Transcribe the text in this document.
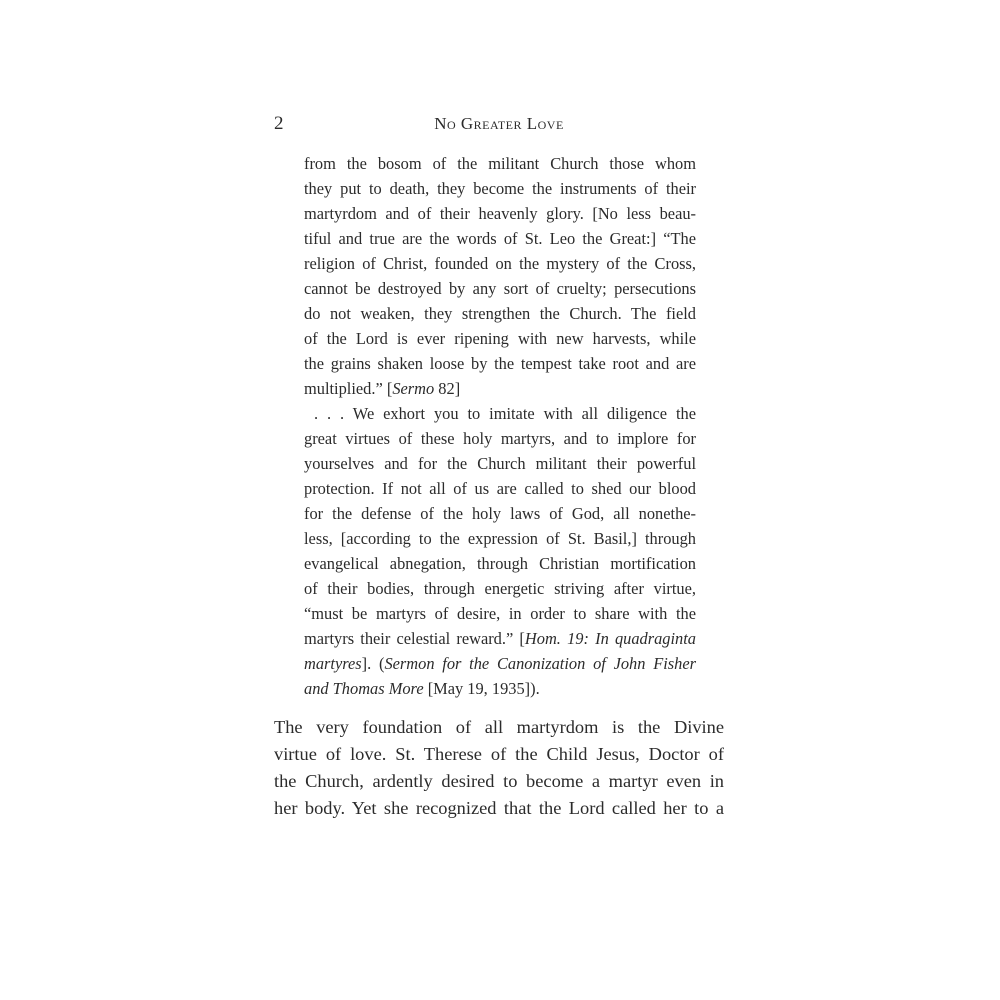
2	No Greater Love
from the bosom of the militant Church those whom
they put to death, they become the instruments of their
martyrdom and of their heavenly glory. [No less beau-
tiful and true are the words of St. Leo the Great:] “The
religion of Christ, founded on the mystery of the Cross,
cannot be destroyed by any sort of cruelty; persecutions
do not weaken, they strengthen the Church. The field
of the Lord is ever ripening with new harvests, while
the grains shaken loose by the tempest take root and are
multiplied.” [Sermo 82]
. . . We exhort you to imitate with all diligence the
great virtues of these holy martyrs, and to implore for
yourselves and for the Church militant their powerful
protection. If not all of us are called to shed our blood
for the defense of the holy laws of God, all nonethe-
less, [according to the expression of St. Basil,] through
evangelical abnegation, through Christian mortification
of their bodies, through energetic striving after virtue,
“must be martyrs of desire, in order to share with the
martyrs their celestial reward.” [Hom. 19: In quadraginta
martyres]. (Sermon for the Canonization of John Fisher
and Thomas More [May 19, 1935]).
The very foundation of all martyrdom is the Divine
virtue of love. St. Therese of the Child Jesus, Doctor of
the Church, ardently desired to become a martyr even in
her body. Yet she recognized that the Lord called her to a
